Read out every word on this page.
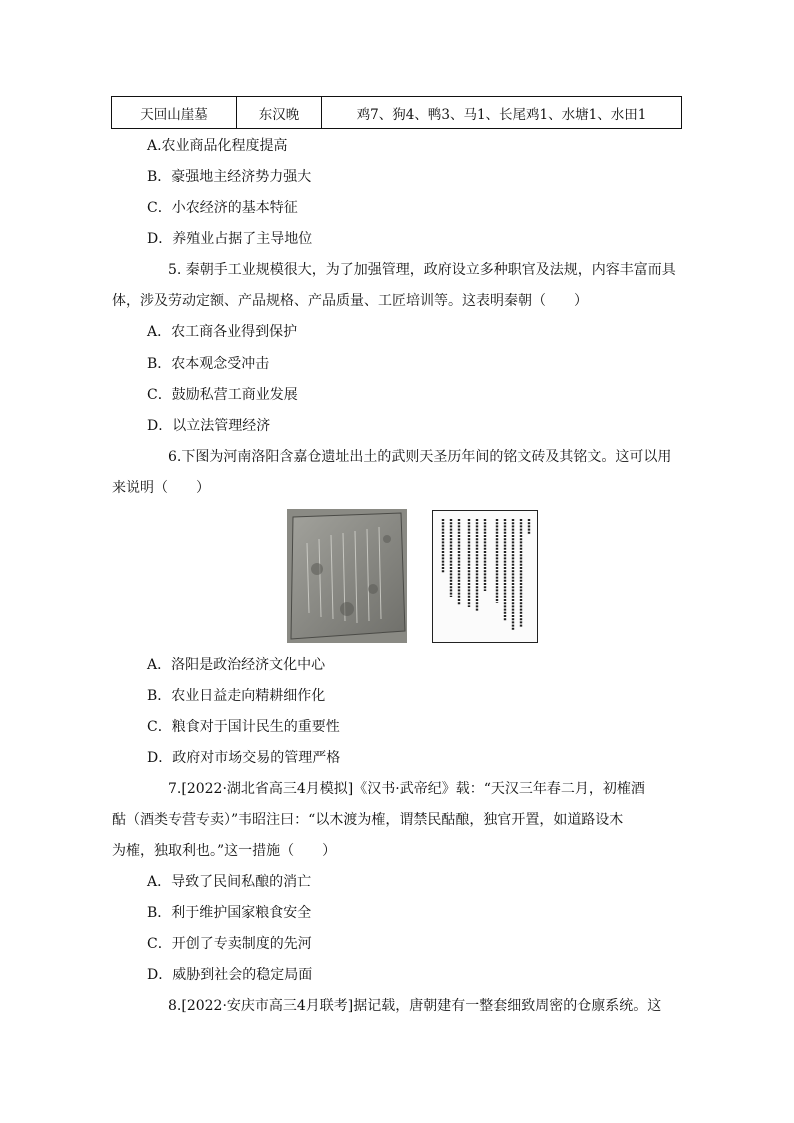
天回山崖墓	东汉晚	鸡7、狗4、鸭3、马1、长尾鸡1、水塘1、水田1
A.农业商品化程度提高
B．豪强地主经济势力强大
C．小农经济的基本特征
D．养殖业占据了主导地位
5. 秦朝手工业规模很大，为了加强管理，政府设立多种职官及法规，内容丰富而具
体，涉及劳动定额、产品规格、产品质量、工匠培训等。这表明秦朝（　　）
A．农工商各业得到保护
B．农本观念受冲击
C．鼓励私营工商业发展
D．以立法管理经济
6.下图为河南洛阳含嘉仓遗址出土的武则天圣历年间的铭文砖及其铭文。这可以用
来说明（　　）
A．洛阳是政治经济文化中心
B．农业日益走向精耕细作化
C．粮食对于国计民生的重要性
D．政府对市场交易的管理严格
7.[2022·湖北省高三4月模拟]《汉书·武帝纪》载：“天汉三年春二月，初榷酒
酤（酒类专营专卖）”韦昭注曰：“以木渡为榷，谓禁民酤酿，独官开置，如道路设木
为榷，独取利也。”这一措施（　　）
A．导致了民间私酿的消亡
B．利于维护国家粮食安全
C．开创了专卖制度的先河
D．威胁到社会的稳定局面
8.[2022·安庆市高三4月联考]据记载，唐朝建有一整套细致周密的仓廪系统。这
